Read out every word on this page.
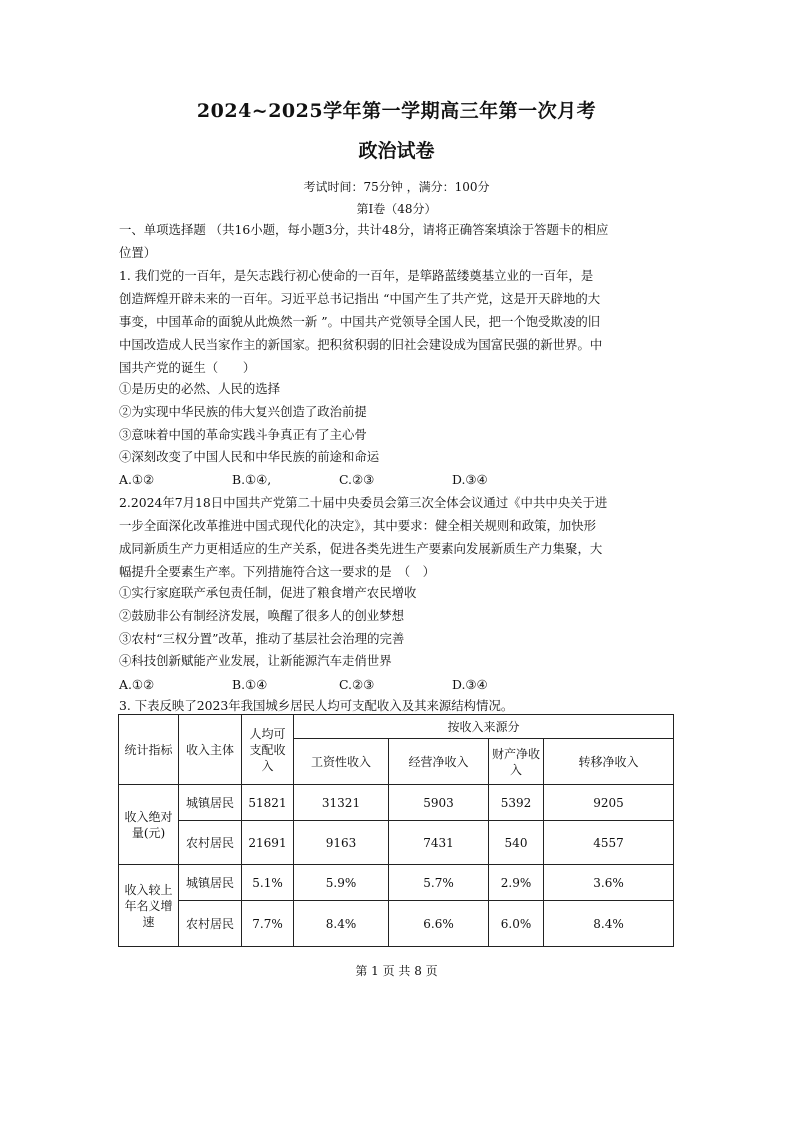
2024~2025学年第一学期高三年第一次月考
政治试卷
考试时间：75分钟 ，满分：100分
第Ⅰ卷（48分）
一、单项选择题 （共16小题，每小题3分，共计48分，请将正确答案填涂于答题卡的相应
位置）
1. 我们党的一百年，是矢志践行初心使命的一百年，是筚路蓝缕奠基立业的一百年，是
创造辉煌开辟未来的一百年。习近平总书记指出 “中国产生了共产党，这是开天辟地的大
事变，中国革命的面貌从此焕然一新 ”。中国共产党领导全国人民，把一个饱受欺凌的旧
中国改造成人民当家作主的新国家。把积贫积弱的旧社会建设成为国富民强的新世界。中
国共产党的诞生（　　）
①是历史的必然、人民的选择
②为实现中华民族的伟大复兴创造了政治前提
③意味着中国的革命实践斗争真正有了主心骨
④深刻改变了中国人民和中华民族的前途和命运
A.①②	B.①④,	C.②③	D.③④
2.2024年7月18日中国共产党第二十届中央委员会第三次全体会议通过《中共中央关于进
一步全面深化改革推进中国式现代化的决定》，其中要求：健全相关规则和政策，加快形
成同新质生产力更相适应的生产关系，促进各类先进生产要素向发展新质生产力集聚，大
幅提升全要素生产率。下列措施符合这一要求的是　（　）
①实行家庭联产承包责任制，促进了粮食增产农民增收
②鼓励非公有制经济发展，唤醒了很多人的创业梦想
③农村“三权分置”改革，推动了基层社会治理的完善
④科技创新赋能产业发展，让新能源汽车走俏世界
A.①②	B.①④	C.②③	D.③④
3. 下表反映了2023年我国城乡居民人均可支配收入及其来源结构情况。
统计指标	收入主体	人均可支配收入	按收入来源分			
			工资性收入	经营净收入	财产净收入	转移净收入
收入绝对量(元)	城镇居民	51821	31321	5903	5392	9205
	农村居民	21691	9163	7431	540	4557
收入较上年名义增速	城镇居民	5.1%	5.9%	5.7%	2.9%	3.6%
	农村居民	7.7%	8.4%	6.6%	6.0%	8.4%
第 1 页 共 8 页
